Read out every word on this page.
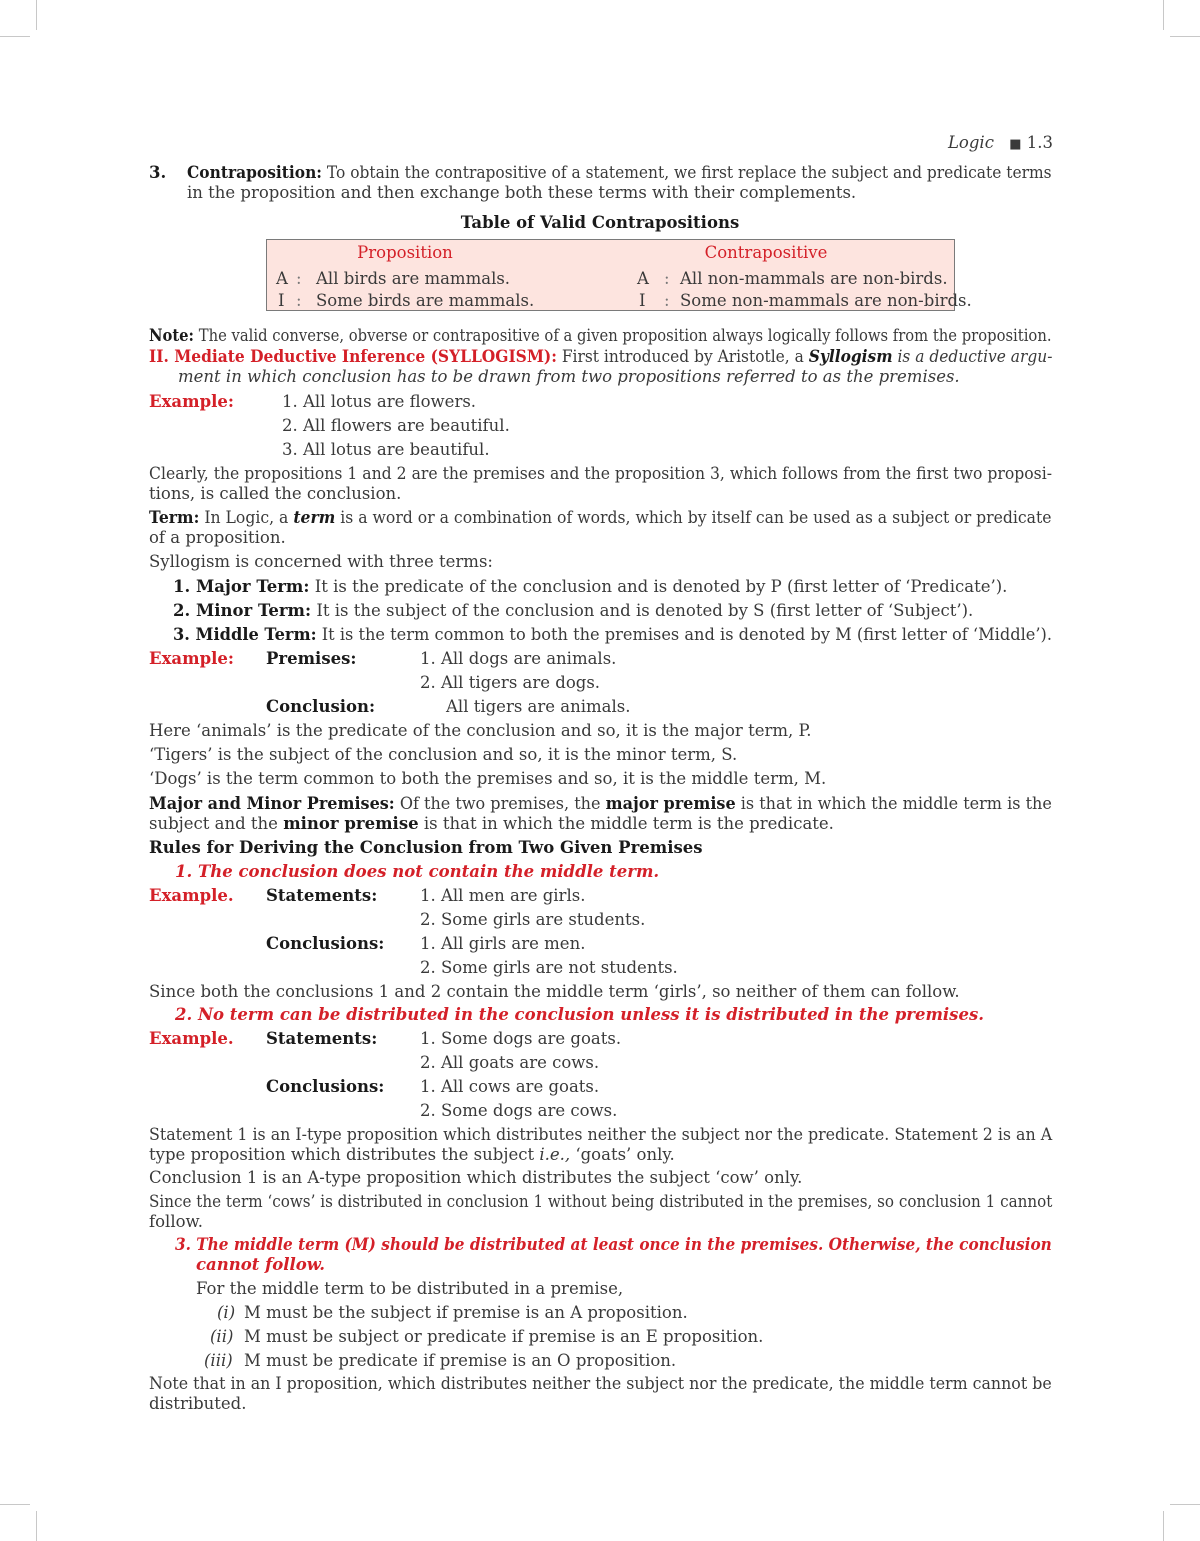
Logic ■ 1.3
3. Contraposition: To obtain the contrapositive of a statement, we first replace the subject and predicate terms
in the proposition and then exchange both these terms with their complements.
Table of Valid Contrapositions
Proposition	Contrapositive
A : All birds are mammals.	A : All non-mammals are non-birds.
I : Some birds are mammals.	I : Some non-mammals are non-birds.
Note: The valid converse, obverse or contrapositive of a given proposition always logically follows from the proposition.
II. Mediate Deductive Inference (SYLLOGISM): First introduced by Aristotle, a Syllogism is a deductive argu-
ment in which conclusion has to be drawn from two propositions referred to as the premises.
Example:	1. All lotus are flowers.
2. All flowers are beautiful.
3. All lotus are beautiful.
Clearly, the propositions 1 and 2 are the premises and the proposition 3, which follows from the first two proposi-
tions, is called the conclusion.
Term: In Logic, a term is a word or a combination of words, which by itself can be used as a subject or predicate
of a proposition.
Syllogism is concerned with three terms:
1. Major Term: It is the predicate of the conclusion and is denoted by P (first letter of ‘Predicate’).
2. Minor Term: It is the subject of the conclusion and is denoted by S (first letter of ‘Subject’).
3. Middle Term: It is the term common to both the premises and is denoted by M (first letter of ‘Middle’).
Example: Premises:	1. All dogs are animals.
2. All tigers are dogs.
Conclusion:	All tigers are animals.
Here ‘animals’ is the predicate of the conclusion and so, it is the major term, P.
‘Tigers’ is the subject of the conclusion and so, it is the minor term, S.
‘Dogs’ is the term common to both the premises and so, it is the middle term, M.
Major and Minor Premises: Of the two premises, the major premise is that in which the middle term is the
subject and the minor premise is that in which the middle term is the predicate.
Rules for Deriving the Conclusion from Two Given Premises
1. The conclusion does not contain the middle term.
Example. Statements:	1. All men are girls.
2. Some girls are students.
Conclusions: 1. All girls are men.
2. Some girls are not students.
Since both the conclusions 1 and 2 contain the middle term ‘girls’, so neither of them can follow.
2. No term can be distributed in the conclusion unless it is distributed in the premises.
Example. Statements:	1. Some dogs are goats.
2. All goats are cows.
Conclusions: 1. All cows are goats.
2. Some dogs are cows.
Statement 1 is an I-type proposition which distributes neither the subject nor the predicate. Statement 2 is an A
type proposition which distributes the subject i.e., ‘goats’ only.
Conclusion 1 is an A-type proposition which distributes the subject ‘cow’ only.
Since the term ‘cows’ is distributed in conclusion 1 without being distributed in the premises, so conclusion 1 cannot
follow.
3. The middle term (M) should be distributed at least once in the premises. Otherwise, the conclusion
cannot follow.
For the middle term to be distributed in a premise,
(i) M must be the subject if premise is an A proposition.
(ii) M must be subject or predicate if premise is an E proposition.
(iii) M must be predicate if premise is an O proposition.
Note that in an I proposition, which distributes neither the subject nor the predicate, the middle term cannot be
distributed.
